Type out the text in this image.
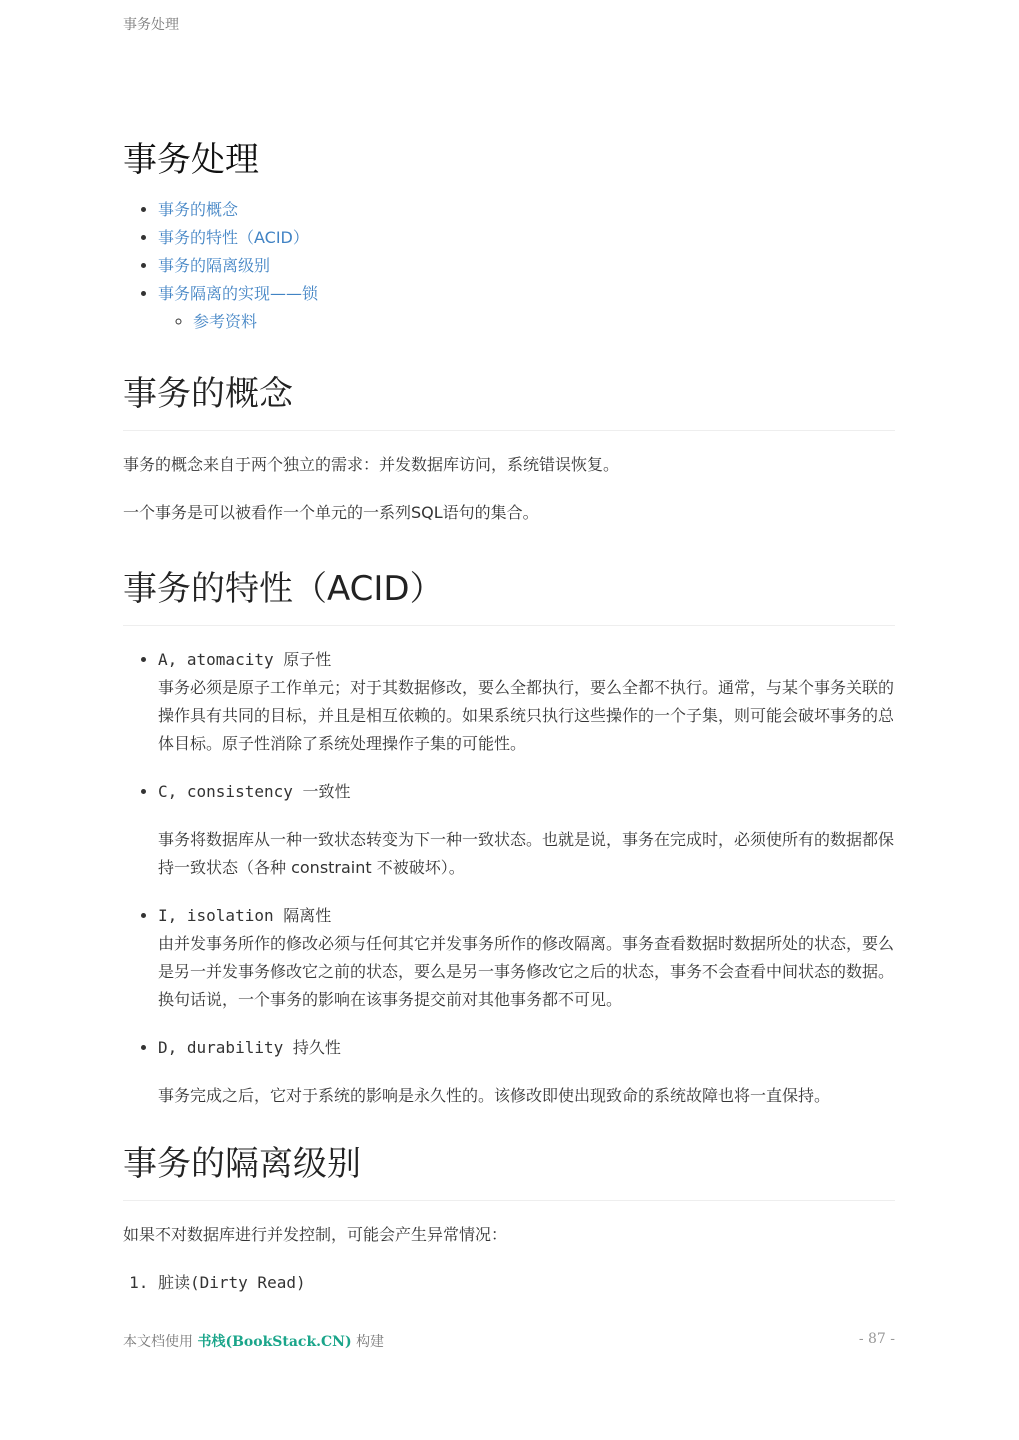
事务处理
事务处理
• 事务的概念
• 事务的特性（ACID）
• 事务的隔离级别
• 事务隔离的实现——锁
◦ 参考资料
事务的概念

事务的概念来自于两个独立的需求：并发数据库访问，系统错误恢复。

一个事务是可以被看作一个单元的一系列SQL语句的集合。

事务的特性（ACID）
• A, atomacity 原子性
事务必须是原子工作单元；对于其数据修改，要么全都执行，要么全都不执行。通常，与某个事务关联的操作具有共同的目标，并且是相互依赖的。如果系统只执行这些操作的一个子集，则可能会破坏事务的总体目标。原子性消除了系统处理操作子集的可能性。
• C, consistency 一致性
事务将数据库从一种一致状态转变为下一种一致状态。也就是说，事务在完成时，必须使所有的数据都保持一致状态（各种 constraint 不被破坏）。
• I, isolation 隔离性
由并发事务所作的修改必须与任何其它并发事务所作的修改隔离。事务查看数据时数据所处的状态，要么是另一并发事务修改它之前的状态，要么是另一事务修改它之后的状态，事务不会查看中间状态的数据。换句话说，一个事务的影响在该事务提交前对其他事务都不可见。
• D, durability 持久性
事务完成之后，它对于系统的影响是永久性的。该修改即使出现致命的系统故障也将一直保持。
事务的隔离级别

如果不对数据库进行并发控制，可能会产生异常情况：

1. 脏读(Dirty Read)
本文档使用 书栈(BookStack.CN) 构建	- 87 -
